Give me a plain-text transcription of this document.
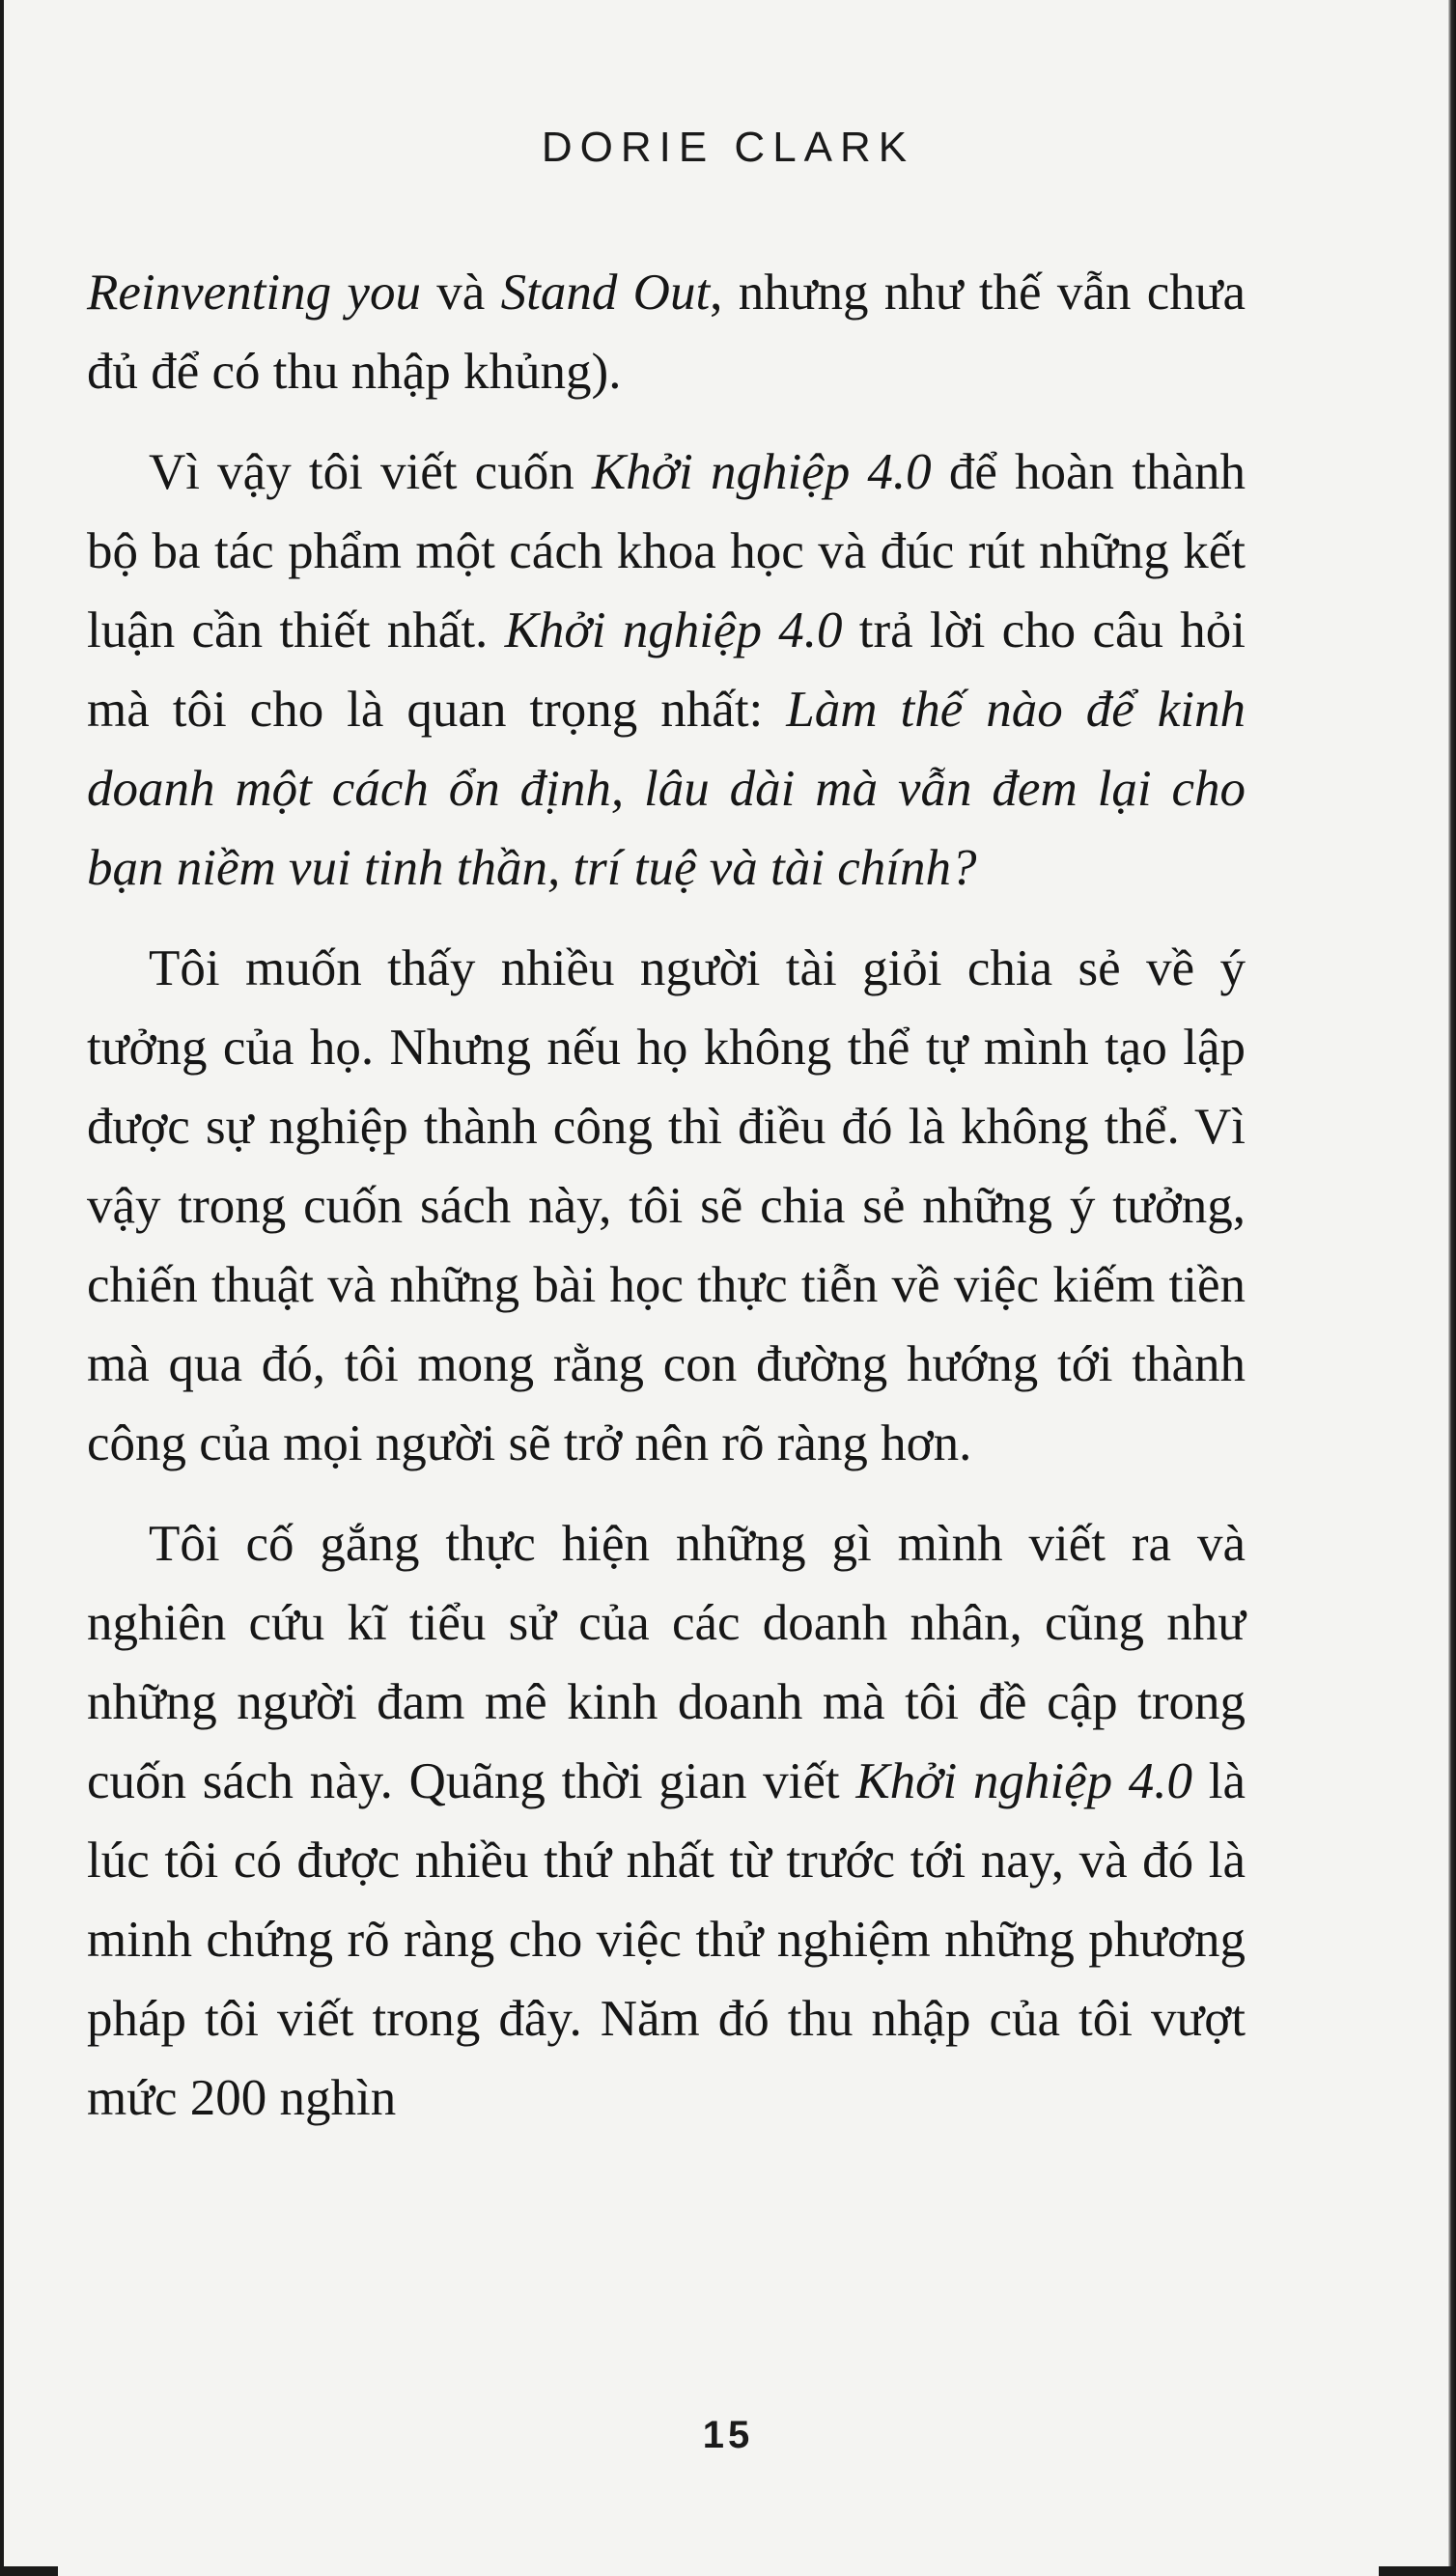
DORIE CLARK

Reinventing you và Stand Out, nhưng như thế vẫn chưa đủ để có thu nhập khủng).

Vì vậy tôi viết cuốn Khởi nghiệp 4.0 để hoàn thành bộ ba tác phẩm một cách khoa học và đúc rút những kết luận cần thiết nhất. Khởi nghiệp 4.0 trả lời cho câu hỏi mà tôi cho là quan trọng nhất: Làm thế nào để kinh doanh một cách ổn định, lâu dài mà vẫn đem lại cho bạn niềm vui tinh thần, trí tuệ và tài chính?

Tôi muốn thấy nhiều người tài giỏi chia sẻ về ý tưởng của họ. Nhưng nếu họ không thể tự mình tạo lập được sự nghiệp thành công thì điều đó là không thể. Vì vậy trong cuốn sách này, tôi sẽ chia sẻ những ý tưởng, chiến thuật và những bài học thực tiễn về việc kiếm tiền mà qua đó, tôi mong rằng con đường hướng tới thành công của mọi người sẽ trở nên rõ ràng hơn.

Tôi cố gắng thực hiện những gì mình viết ra và nghiên cứu kĩ tiểu sử của các doanh nhân, cũng như những người đam mê kinh doanh mà tôi đề cập trong cuốn sách này. Quãng thời gian viết Khởi nghiệp 4.0 là lúc tôi có được nhiều thứ nhất từ trước tới nay, và đó là minh chứng rõ ràng cho việc thử nghiệm những phương pháp tôi viết trong đây. Năm đó thu nhập của tôi vượt mức 200 nghìn

15
